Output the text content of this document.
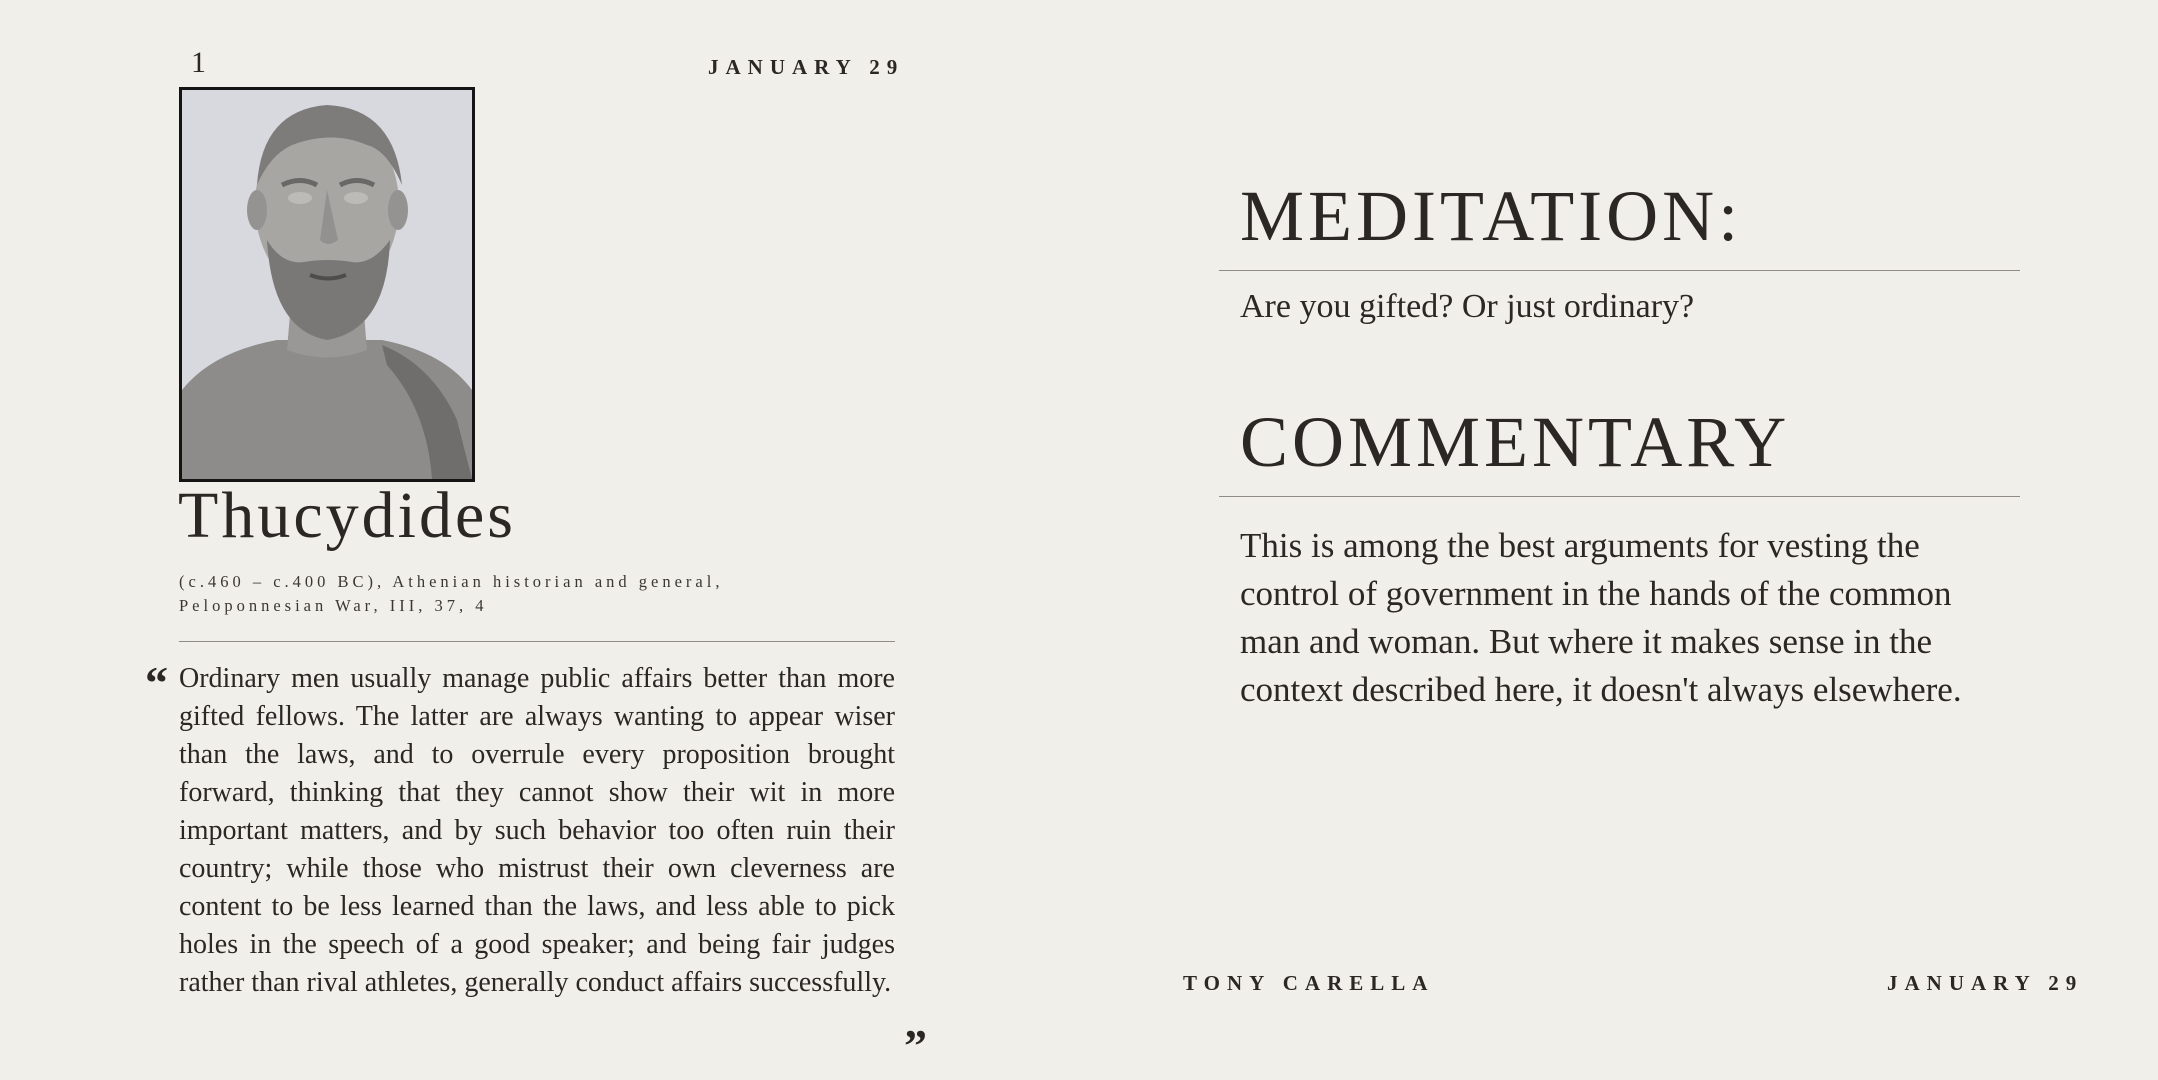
1	JANUARY 29
Thucydides
(c.460 – c.400 BC), Athenian historian and general,
Peloponnesian War, III, 37, 4
“ Ordinary men usually manage public affairs better than more gifted fellows. The latter are always wanting to appear wiser than the laws, and to overrule every proposition brought forward, thinking that they cannot show their wit in more important matters, and by such behavior too often ruin their country; while those who mistrust their own cleverness are content to be less learned than the laws, and less able to pick holes in the speech of a good speaker; and being fair judges rather than rival athletes, generally conduct affairs successfully.
”
MEDITATION:
Are you gifted? Or just ordinary?
COMMENTARY
This is among the best arguments for vesting the control of government in the hands of the common man and woman. But where it makes sense in the context described here, it doesn't always elsewhere.
TONY CARELLA	JANUARY 29
